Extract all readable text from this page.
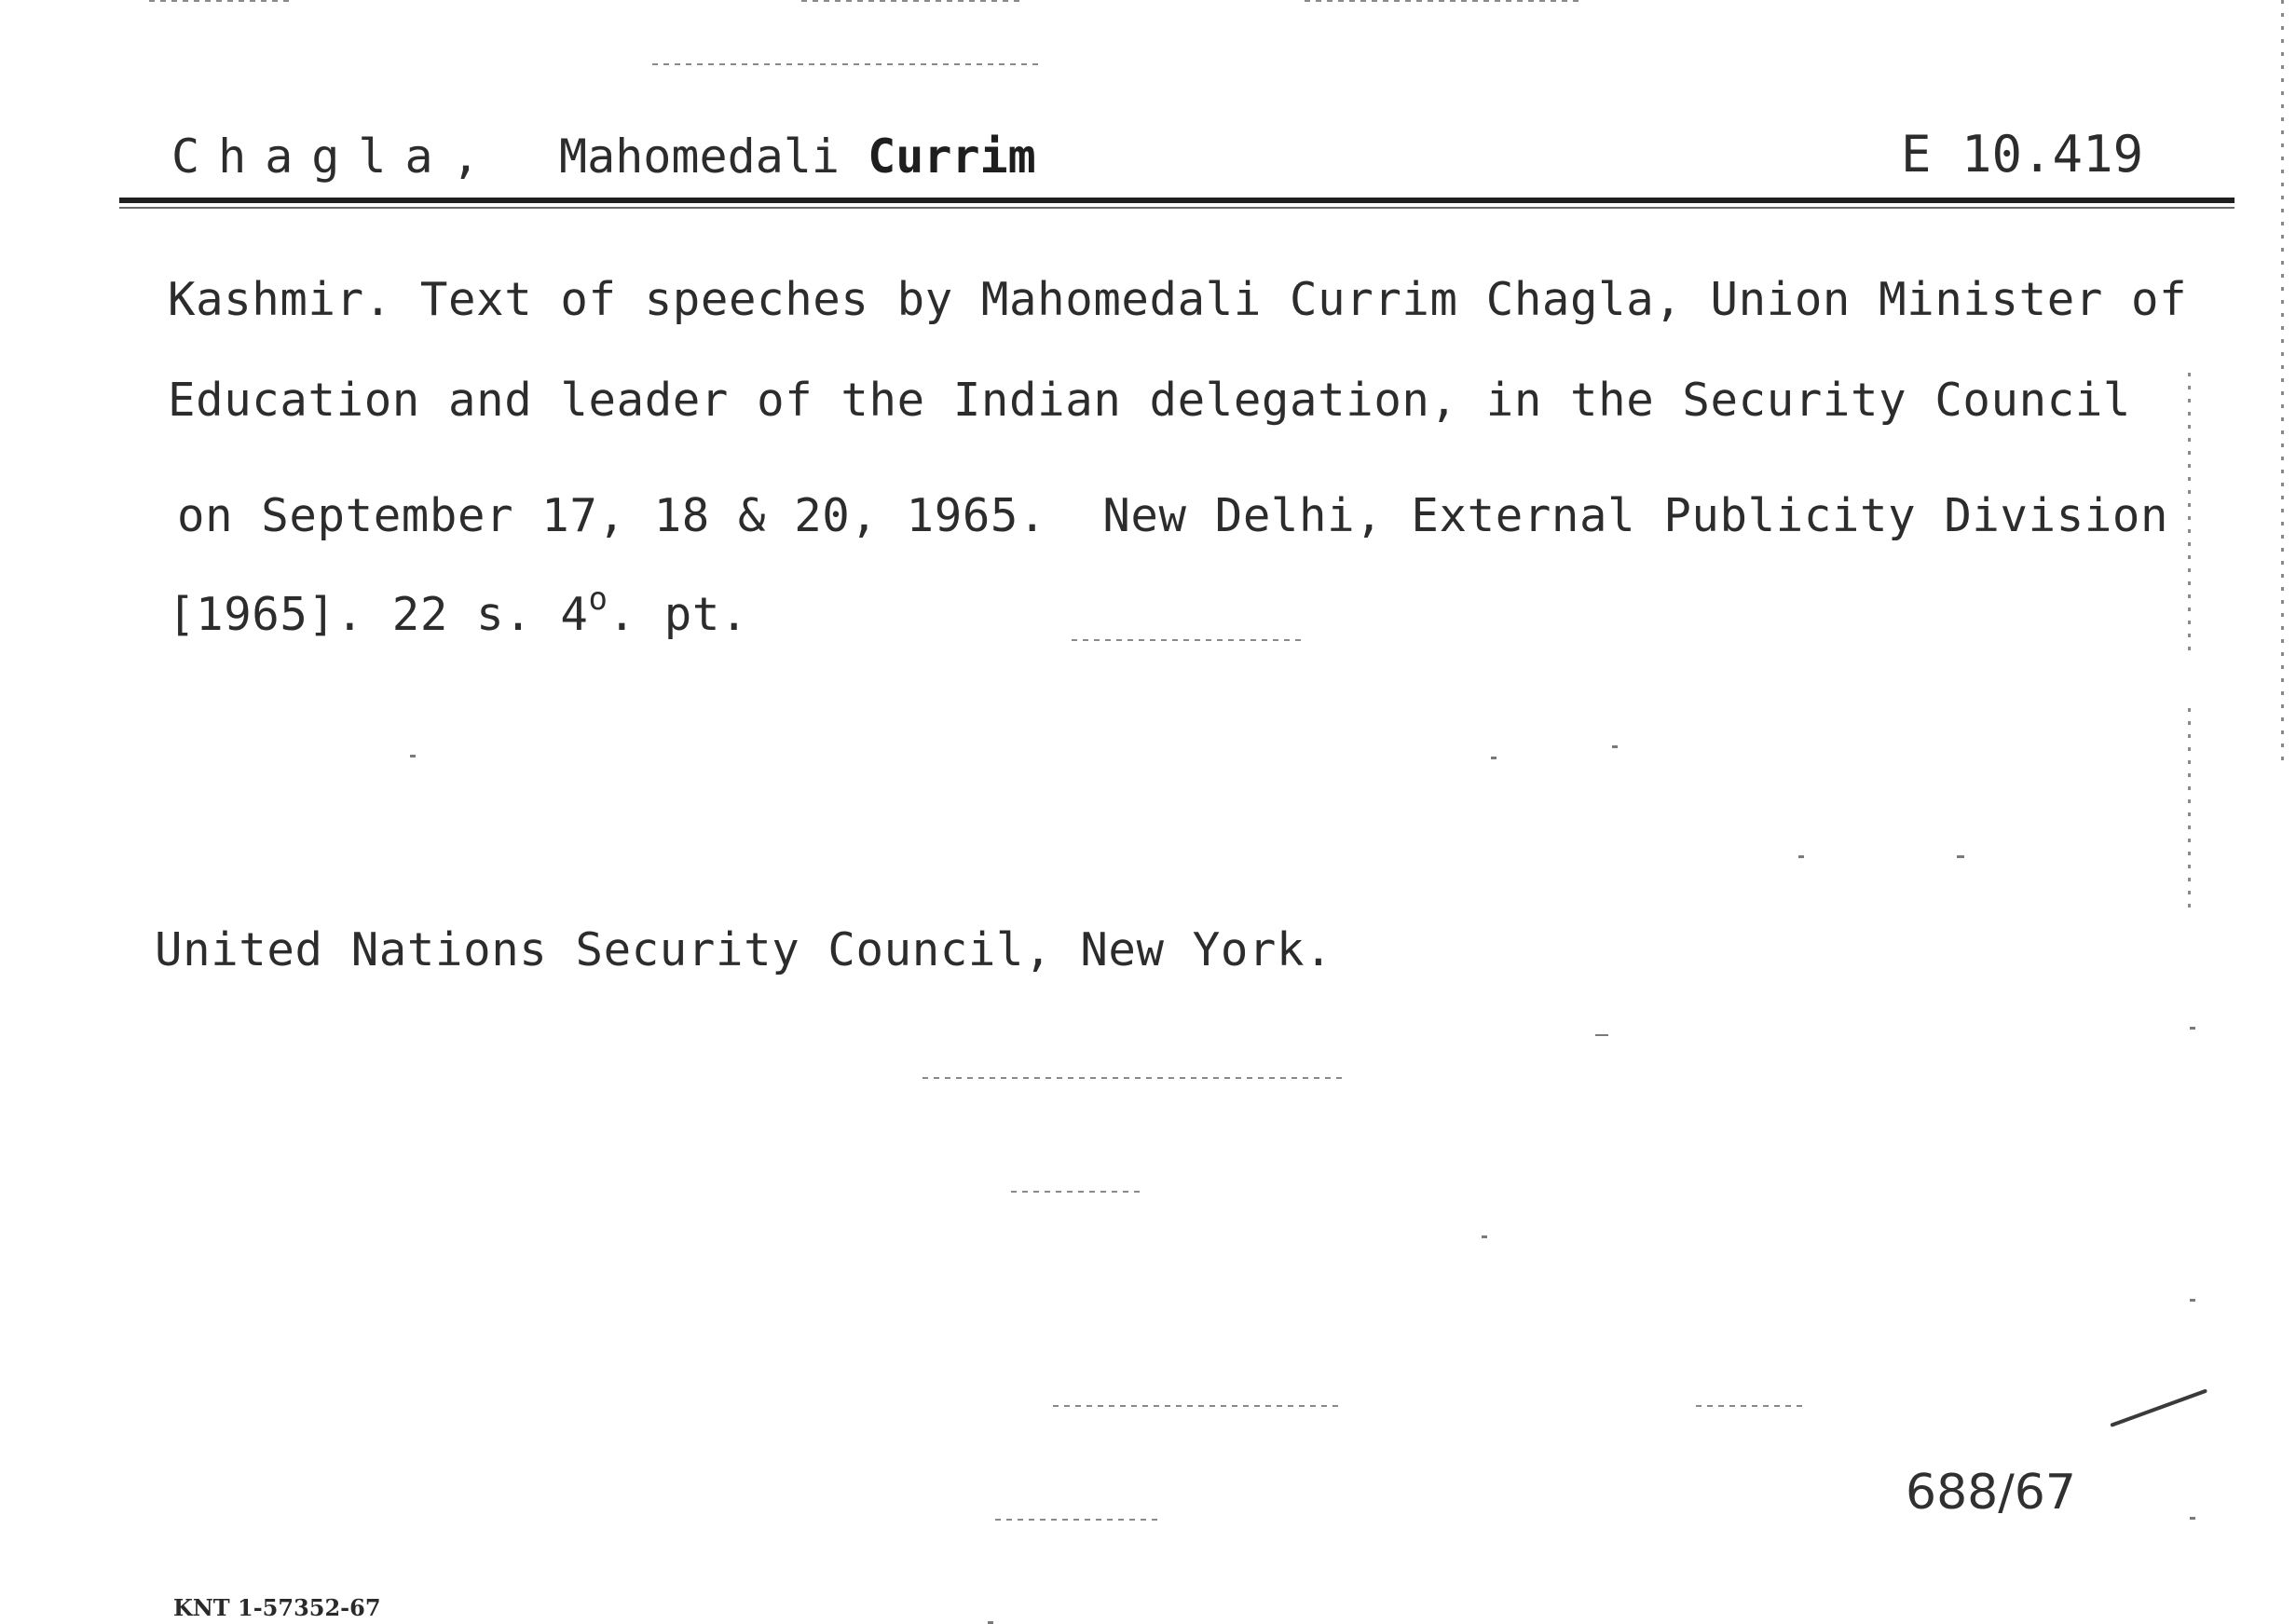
Chagla, Mahomedali Currim	E 10.419
Kashmir. Text of speeches by Mahomedali Currim Chagla, Union Minister of
Education and leader of the Indian delegation, in the Security Council
on September 17, 18 & 20, 1965.  New Delhi, External Publicity Division
[1965]. 22 s. 4$^o$. pt.
United Nations Security Council, New York.
688/67
KNT 1-57352-67
